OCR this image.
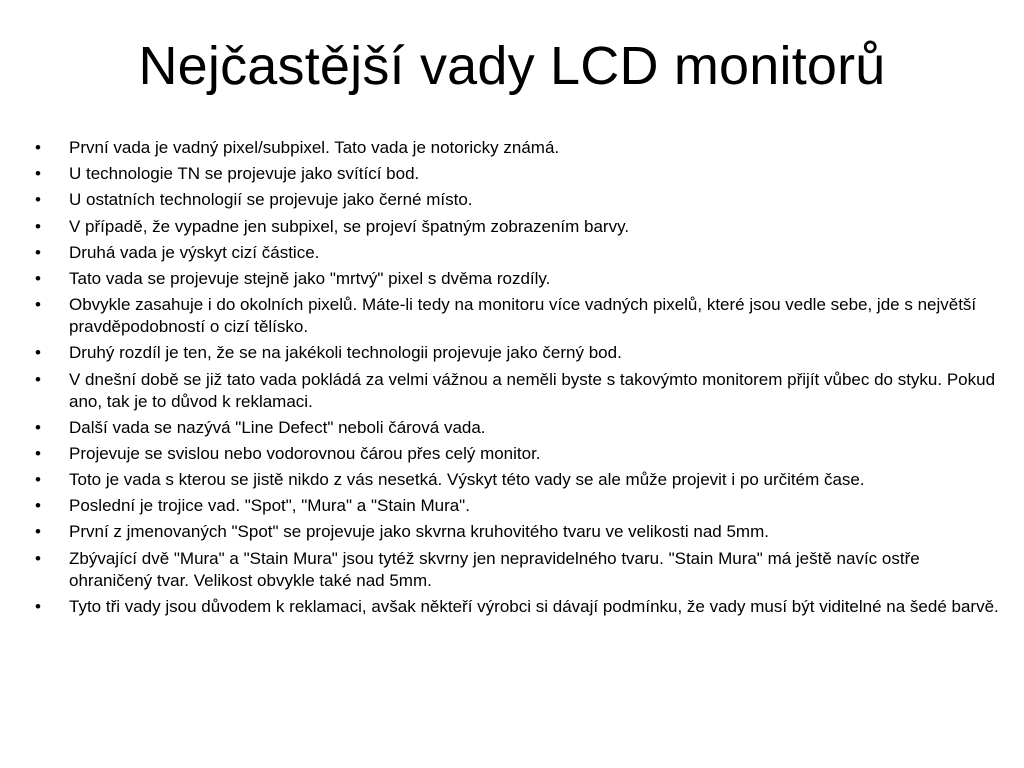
Nejčastější vady LCD monitorů
• První vada je vadný pixel/subpixel. Tato vada je notoricky známá.
• U technologie TN se projevuje jako svítící bod.
• U ostatních technologií se projevuje jako černé místo.
• V případě, že vypadne jen subpixel, se projeví špatným zobrazením barvy.
• Druhá vada je výskyt cizí částice.
• Tato vada se projevuje stejně jako "mrtvý" pixel s dvěma rozdíly.
• Obvykle zasahuje i do okolních pixelů. Máte-li tedy na monitoru více vadných pixelů, které jsou vedle sebe, jde s největší pravděpodobností o cizí tělísko.
• Druhý rozdíl je ten, že se na jakékoli technologii projevuje jako černý bod.
• V dnešní době se již tato vada pokládá za velmi vážnou a neměli byste s takovýmto monitorem přijít vůbec do styku. Pokud ano, tak je to důvod k reklamaci.
• Další vada se nazývá "Line Defect" neboli čárová vada.
• Projevuje se svislou nebo vodorovnou čárou přes celý monitor.
• Toto je vada s kterou se jistě nikdo z vás nesetká. Výskyt této vady se ale může projevit i po určitém čase.
• Poslední je trojice vad. "Spot", "Mura" a "Stain Mura".
• První z jmenovaných "Spot" se projevuje jako skvrna kruhovitého tvaru ve velikosti nad 5mm.
• Zbývající dvě "Mura" a "Stain Mura" jsou tytéž skvrny jen nepravidelného tvaru. "Stain Mura" má ještě navíc ostře ohraničený tvar. Velikost obvykle také nad 5mm.
• Tyto tři vady jsou důvodem k reklamaci, avšak někteří výrobci si dávají podmínku, že vady musí být viditelné na šedé barvě.
